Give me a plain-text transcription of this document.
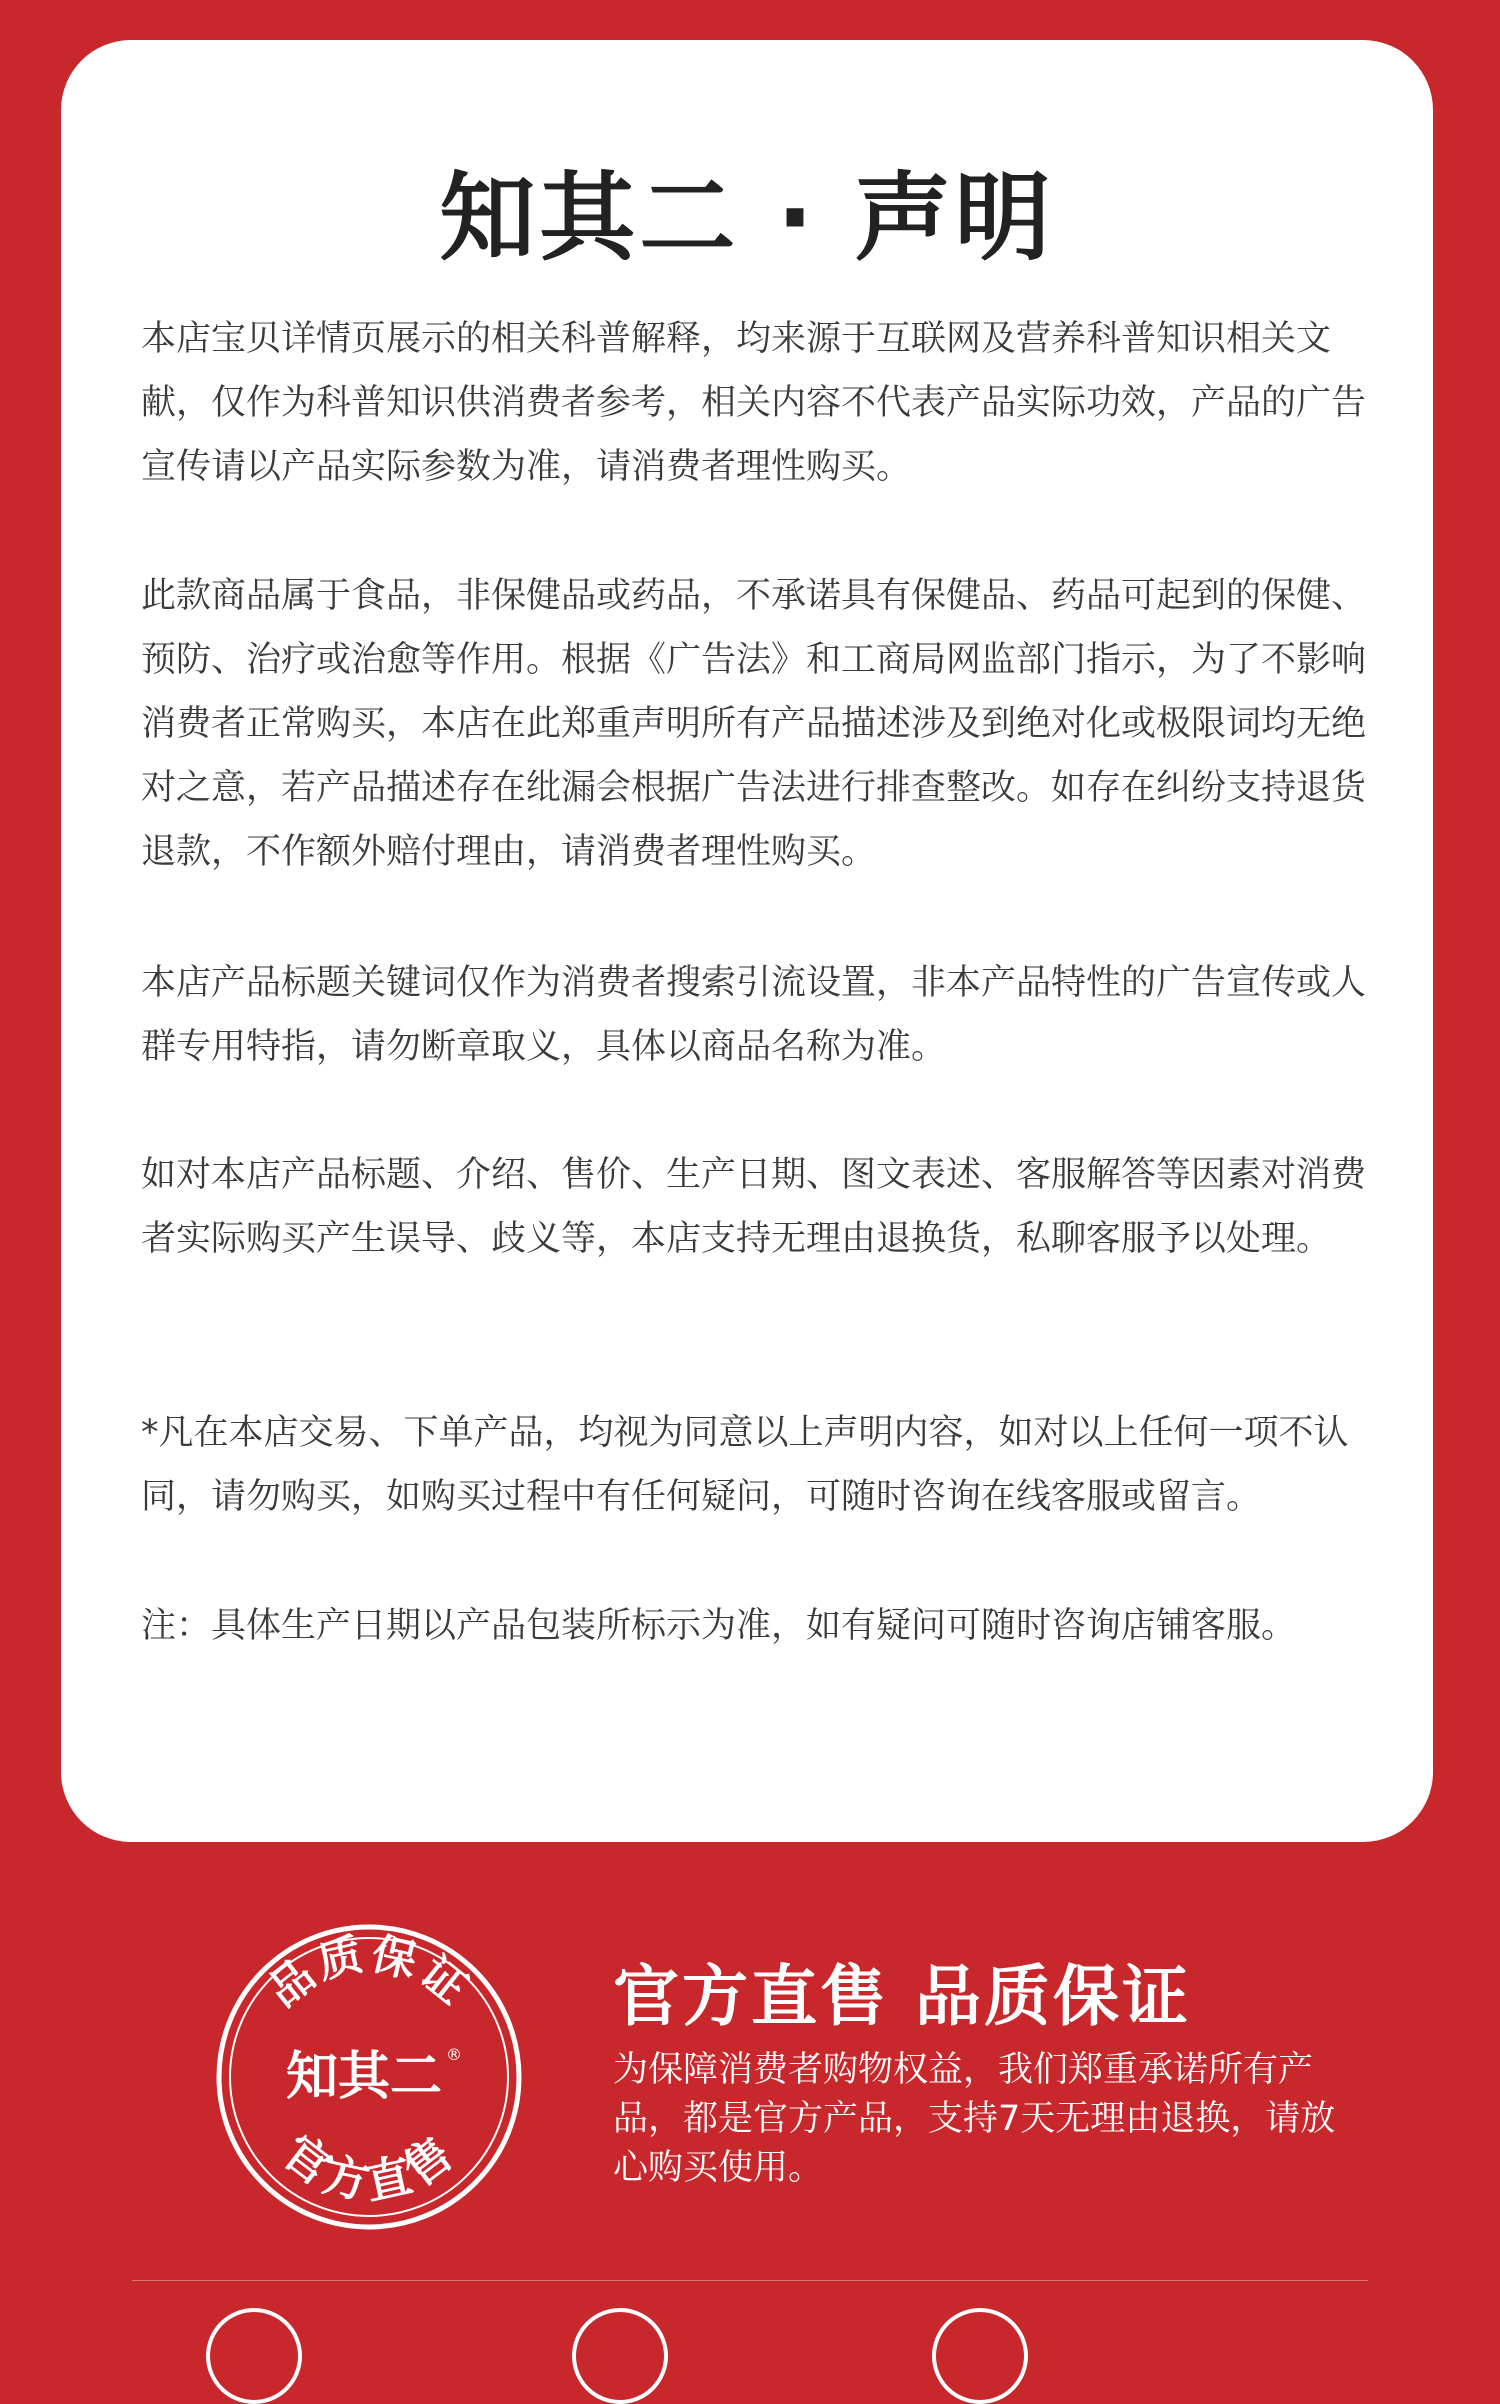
知其二 · 声明

本店宝贝详情页展示的相关科普解释，均来源于互联网及营养科普知识相关文献，仅作为科普知识供消费者参考，相关内容不代表产品实际功效，产品的广告宣传请以产品实际参数为准，请消费者理性购买。

此款商品属于食品，非保健品或药品，不承诺具有保健品、药品可起到的保健、预防、治疗或治愈等作用。根据《广告法》和工商局网监部门指示，为了不影响消费者正常购买，本店在此郑重声明所有产品描述涉及到绝对化或极限词均无绝对之意，若产品描述存在纰漏会根据广告法进行排查整改。如存在纠纷支持退货退款，不作额外赔付理由，请消费者理性购买。

本店产品标题关键词仅作为消费者搜索引流设置，非本产品特性的广告宣传或人群专用特指，请勿断章取义，具体以商品名称为准。

如对本店产品标题、介绍、售价、生产日期、图文表述、客服解答等因素对消费者实际购买产生误导、歧义等，本店支持无理由退换货，私聊客服予以处理。

*凡在本店交易、下单产品，均视为同意以上声明内容，如对以上任何一项不认同，请勿购买，如购买过程中有任何疑问，可随时咨询在线客服或留言。

注：具体生产日期以产品包装所标示为准，如有疑问可随时咨询店铺客服。

品质保证
知其二 ®
官方直售
官方直售 品质保证

为保障消费者购物权益，我们郑重承诺所有产品，都是官方产品，支持7天无理由退换，请放心购买使用。
